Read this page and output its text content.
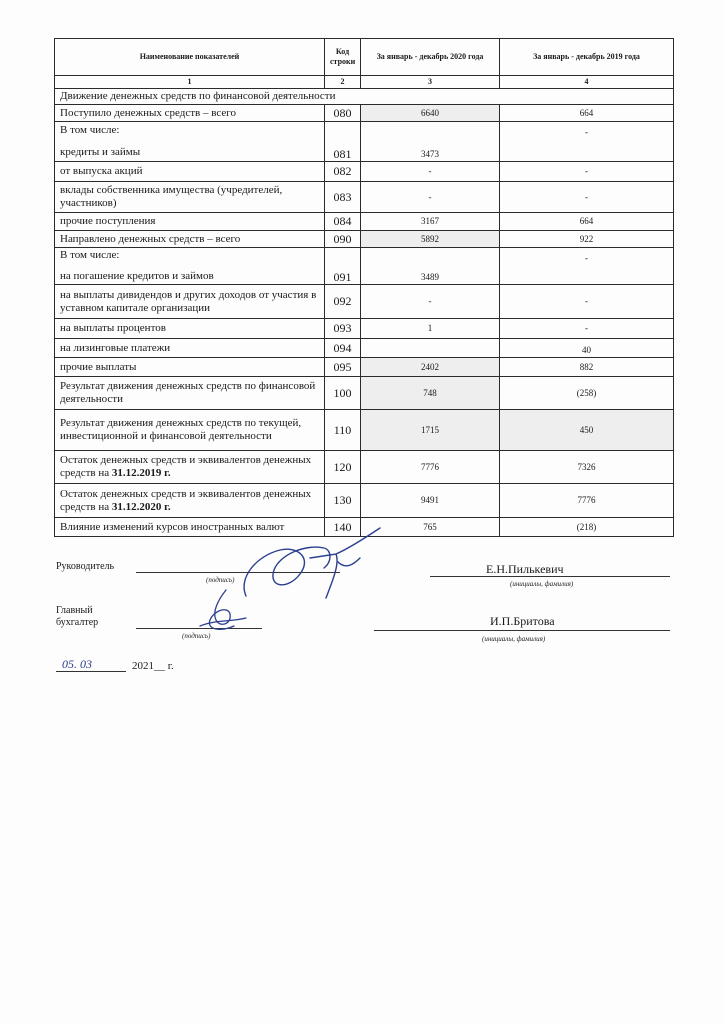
Наименование показателей	Код строки	За январь - декабрь 2020 года	За январь - декабрь 2019 года
1	2	3	4
Движение денежных средств по финансовой деятельности			
Поступило денежных средств – всего	080	6640	664

В том числе:
кредиты и займы	081	3473	-
от выпуска акций	082	-	-
вклады собственника имущества (учредителей, участников)	083	-	-
прочие поступления	084	3167	664
Направлено денежных средств – всего	090	5892	922

В том числе:
на погашение кредитов и займов	091	3489	-
на выплаты дивидендов и других доходов от участия в уставном капитале организации	092	-	-
на выплаты процентов	093	1	-
на лизинговые платежи	094		40
прочие выплаты	095	2402	882
Результат движения денежных средств по финансовой деятельности	100	748	(258)
Результат движения денежных средств по текущей, инвестиционной и финансовой деятельности	110	1715	450
Остаток денежных средств и эквивалентов денежных средств на 31.12.2019 г.	120	7776	7326
Остаток денежных средств и эквивалентов денежных средств на 31.12.2020 г.	130	9491	7776
Влияние изменений курсов иностранных валют	140	765	(218)
Руководитель
(подпись)
Е.Н.Пилькевич
(инициалы, фамилия)
Главный
бухгалтер
(подпись)
И.П.Бритова
(инициалы, фамилия)
05. 03	2021__ г.
